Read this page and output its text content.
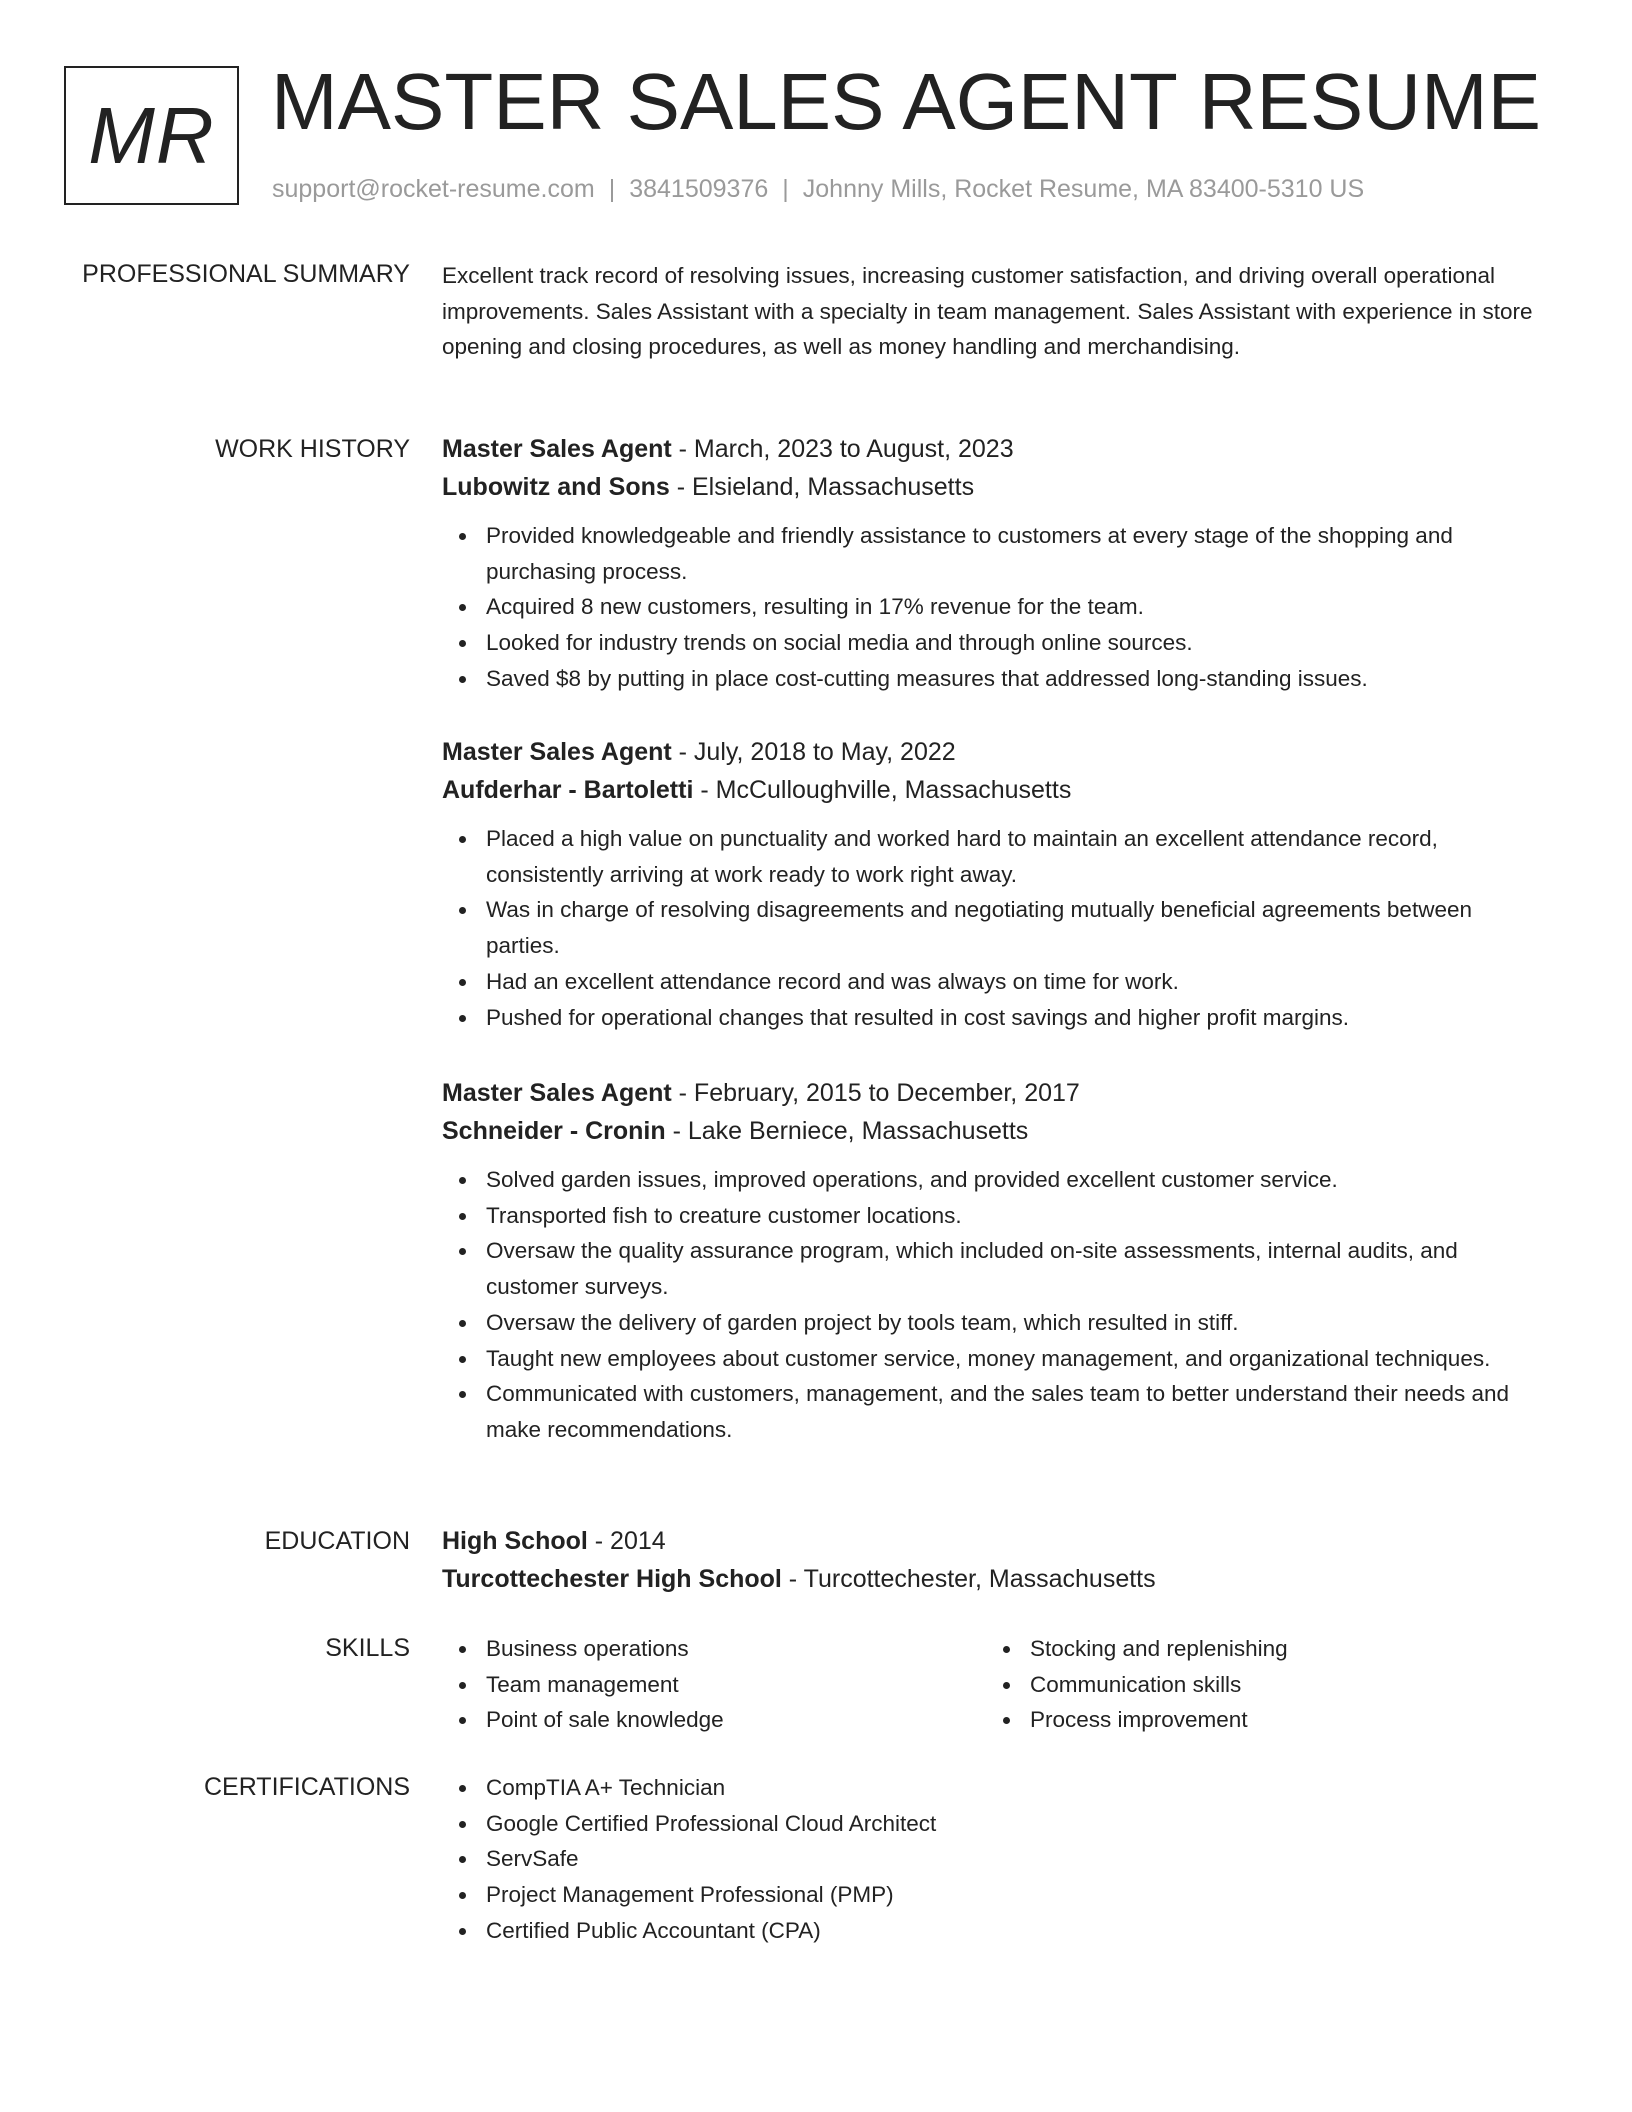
MR MASTER SALES AGENT RESUME
support@rocket-resume.com | 3841509376 | Johnny Mills, Rocket Resume, MA 83400-5310 US
PROFESSIONAL SUMMARY Excellent track record of resolving issues, increasing customer satisfaction, and driving overall operational improvements. Sales Assistant with a specialty in team management. Sales Assistant with experience in store opening and closing procedures, as well as money handling and merchandising.

WORK HISTORY Master Sales Agent - March, 2023 to August, 2023
Lubowitz and Sons - Elsieland, Massachusetts
Provided knowledgeable and friendly assistance to customers at every stage of the shopping and purchasing process.
Acquired 8 new customers, resulting in 17% revenue for the team.
Looked for industry trends on social media and through online sources.
Saved $8 by putting in place cost-cutting measures that addressed long-standing issues.
Master Sales Agent - July, 2018 to May, 2022
Aufderhar - Bartoletti - McCulloughville, Massachusetts
Placed a high value on punctuality and worked hard to maintain an excellent attendance record, consistently arriving at work ready to work right away.
Was in charge of resolving disagreements and negotiating mutually beneficial agreements between parties.
Had an excellent attendance record and was always on time for work.
Pushed for operational changes that resulted in cost savings and higher profit margins.
Master Sales Agent - February, 2015 to December, 2017
Schneider - Cronin - Lake Berniece, Massachusetts
Solved garden issues, improved operations, and provided excellent customer service.
Transported fish to creature customer locations.
Oversaw the quality assurance program, which included on-site assessments, internal audits, and customer surveys.
Oversaw the delivery of garden project by tools team, which resulted in stiff.
Taught new employees about customer service, money management, and organizational techniques.
Communicated with customers, management, and the sales team to better understand their needs and make recommendations.
EDUCATION High School - 2014
Turcottechester High School - Turcottechester, Massachusetts
SKILLS	Business operations
Team management
Point of sale knowledge
Stocking and replenishing
Communication skills
Process improvement
CERTIFICATIONS	CompTIA A+ Technician
Google Certified Professional Cloud Architect
ServSafe
Project Management Professional (PMP)
Certified Public Accountant (CPA)
